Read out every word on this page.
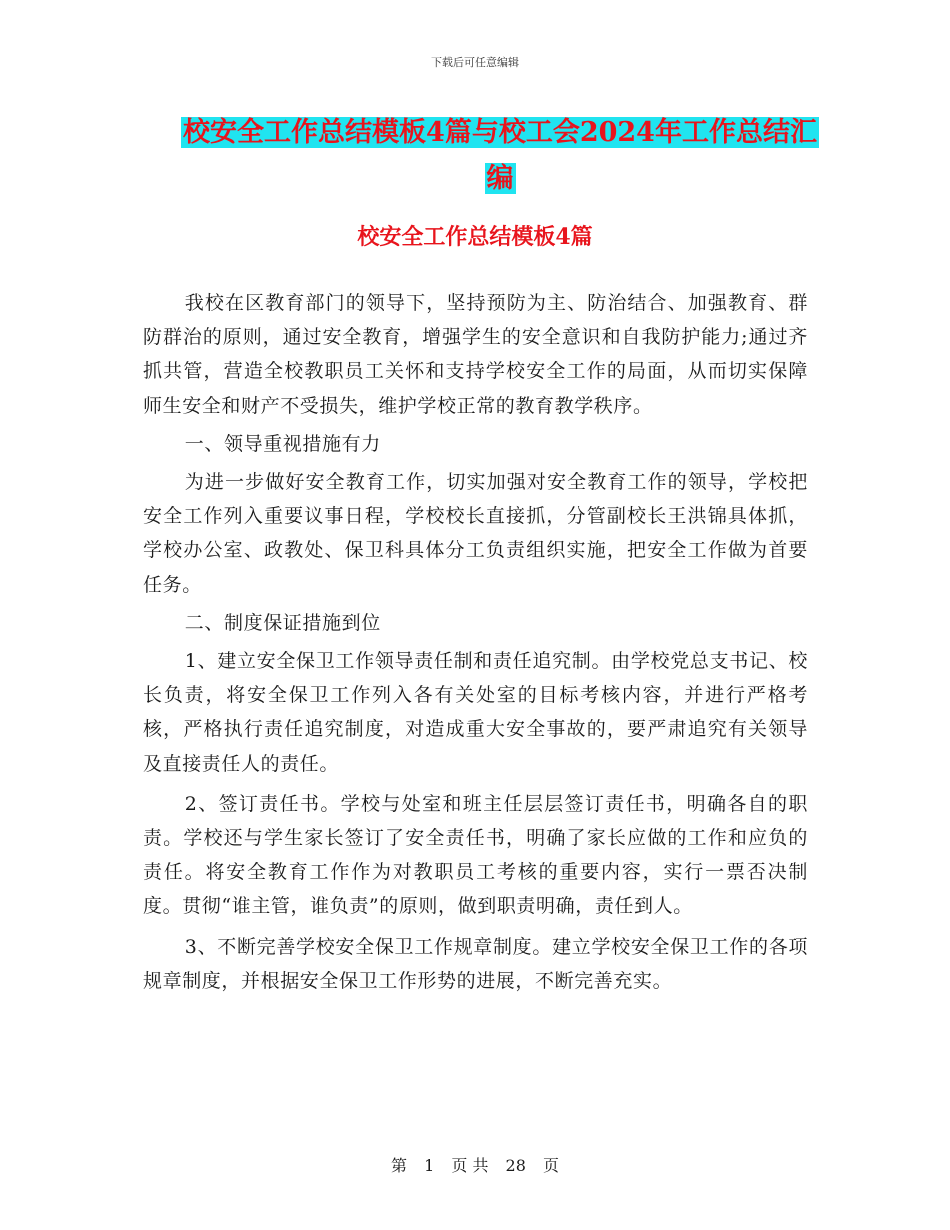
下载后可任意编辑
校安全工作总结模板4篇与校工会2024年工作总结汇
编
校安全工作总结模板4篇

我校在区教育部门的领导下，坚持预防为主、防治结合、加强教育、群防群治的原则，通过安全教育，增强学生的安全意识和自我防护能力;通过齐抓共管，营造全校教职员工关怀和支持学校安全工作的局面，从而切实保障师生安全和财产不受损失，维护学校正常的教育教学秩序。

一、领导重视措施有力

为进一步做好安全教育工作，切实加强对安全教育工作的领导，学校把安全工作列入重要议事日程，学校校长直接抓，分管副校长王洪锦具体抓，学校办公室、政教处、保卫科具体分工负责组织实施，把安全工作做为首要任务。

二、制度保证措施到位

1、建立安全保卫工作领导责任制和责任追究制。由学校党总支书记、校长负责，将安全保卫工作列入各有关处室的目标考核内容，并进行严格考核，严格执行责任追究制度，对造成重大安全事故的，要严肃追究有关领导及直接责任人的责任。

2、签订责任书。学校与处室和班主任层层签订责任书，明确各自的职责。学校还与学生家长签订了安全责任书，明确了家长应做的工作和应负的责任。将安全教育工作作为对教职员工考核的重要内容，实行一票否决制度。贯彻“谁主管，谁负责”的原则，做到职责明确，责任到人。

3、不断完善学校安全保卫工作规章制度。建立学校安全保卫工作的各项规章制度，并根据安全保卫工作形势的进展，不断完善充实。

第 1 页 共 28 页
